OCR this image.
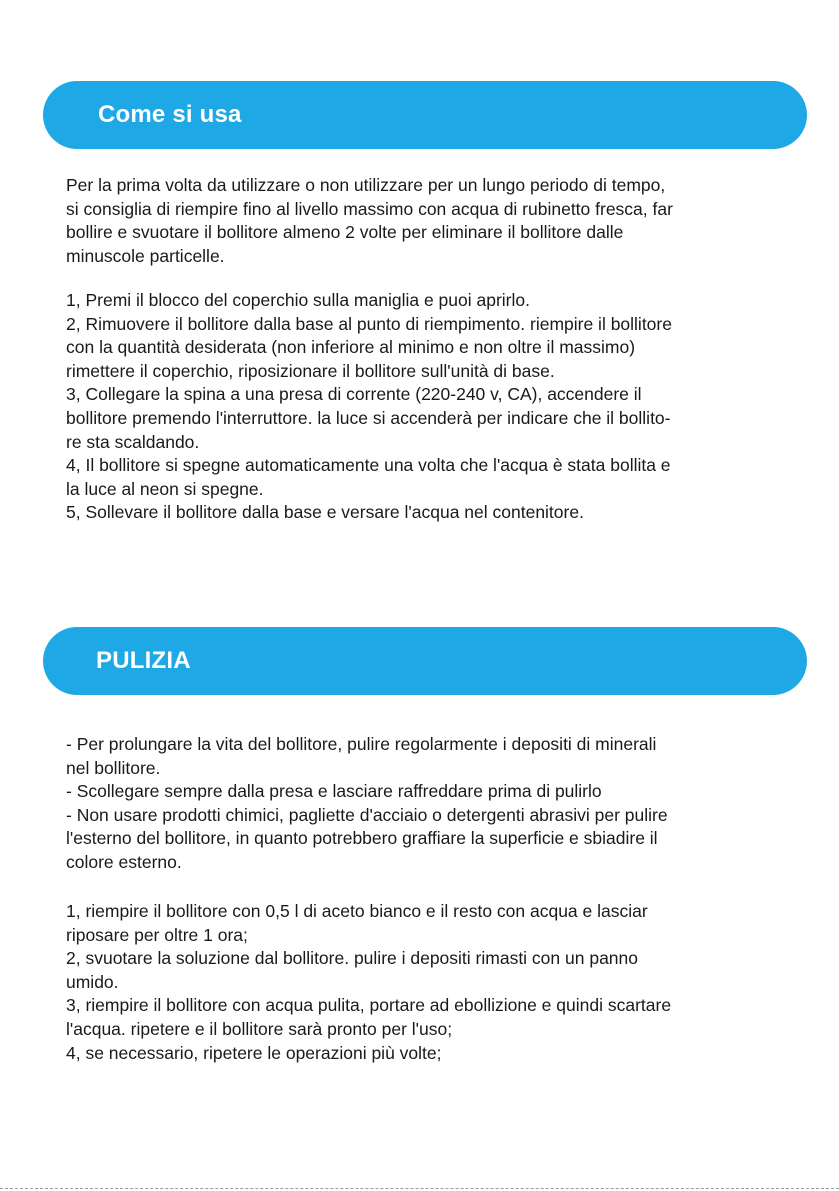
Come si usa
Per la prima volta da utilizzare o non utilizzare per un lungo periodo di tempo,
si consiglia di riempire fino al livello massimo con acqua di rubinetto fresca, far
bollire e svuotare il bollitore almeno 2 volte per eliminare il bollitore dalle
minuscole particelle.
1, Premi il blocco del coperchio sulla maniglia e puoi aprirlo.
2, Rimuovere il bollitore dalla base al punto di riempimento. riempire il bollitore
con la quantità desiderata (non inferiore al minimo e non oltre il massimo)
rimettere il coperchio, riposizionare il bollitore sull'unità di base.
3, Collegare la spina a una presa di corrente (220-240 v, CA), accendere il
bollitore premendo l'interruttore. la luce si accenderà per indicare che il bollito-
re sta scaldando.
4, Il bollitore si spegne automaticamente una volta che l'acqua è stata bollita e
la luce al neon si spegne.
5, Sollevare il bollitore dalla base e versare l'acqua nel contenitore.
PULIZIA
- Per prolungare la vita del bollitore, pulire regolarmente i depositi di minerali
nel bollitore.
- Scollegare sempre dalla presa e lasciare raffreddare prima di pulirlo
- Non usare prodotti chimici, pagliette d'acciaio o detergenti abrasivi per pulire
l'esterno del bollitore, in quanto potrebbero graffiare la superficie e sbiadire il
colore esterno.
1, riempire il bollitore con 0,5 l di aceto bianco e il resto con acqua e lasciar
riposare per oltre 1 ora;
2, svuotare la soluzione dal bollitore. pulire i depositi rimasti con un panno
umido.
3, riempire il bollitore con acqua pulita, portare ad ebollizione e quindi scartare
l'acqua. ripetere e il bollitore sarà pronto per l'uso;
4, se necessario, ripetere le operazioni più volte;
